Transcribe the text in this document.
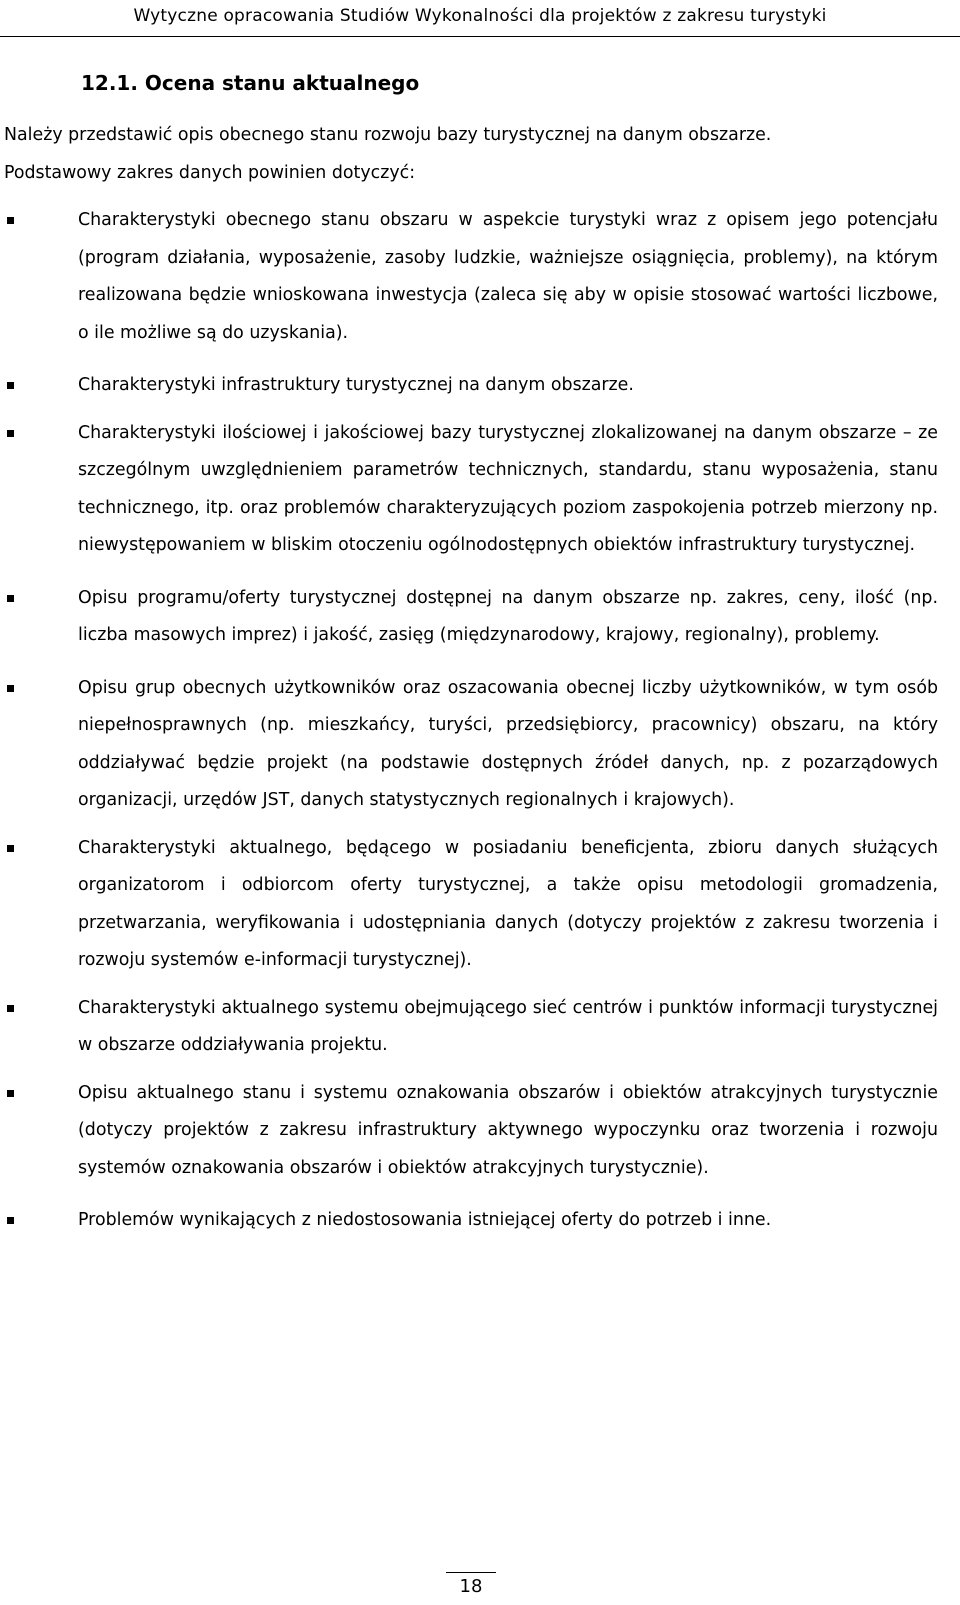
Wytyczne opracowania Studiów Wykonalności dla projektów z zakresu turystyki
12.1. Ocena stanu aktualnego

Należy przedstawić opis obecnego stanu rozwoju bazy turystycznej na danym obszarze.

Podstawowy zakres danych powinien dotyczyć:

Charakterystyki obecnego stanu obszaru w aspekcie turystyki wraz z opisem jego potencjału (program działania, wyposażenie, zasoby ludzkie, ważniejsze osiągnięcia, problemy), na którym realizowana będzie wnioskowana inwestycja (zaleca się aby w opisie stosować wartości liczbowe, o ile możliwe są do uzyskania).
Charakterystyki infrastruktury turystycznej na danym obszarze.
Charakterystyki ilościowej i jakościowej bazy turystycznej zlokalizowanej na danym obszarze – ze szczególnym uwzględnieniem parametrów technicznych, standardu, stanu wyposażenia, stanu technicznego, itp. oraz problemów charakteryzujących poziom zaspokojenia potrzeb mierzony np. niewystępowaniem w bliskim otoczeniu ogólnodostępnych obiektów infrastruktury turystycznej.
Opisu programu/oferty turystycznej dostępnej na danym obszarze np. zakres, ceny, ilość (np. liczba masowych imprez) i jakość, zasięg (międzynarodowy, krajowy, regionalny), problemy.
Opisu grup obecnych użytkowników oraz oszacowania obecnej liczby użytkowników, w tym osób niepełnosprawnych (np. mieszkańcy, turyści, przedsiębiorcy, pracownicy) obszaru, na który oddziaływać będzie projekt (na podstawie dostępnych źródeł danych, np. z pozarządowych organizacji, urzędów JST, danych statystycznych regionalnych i krajowych).
Charakterystyki aktualnego, będącego w posiadaniu beneficjenta, zbioru danych służących organizatorom i odbiorcom oferty turystycznej, a także opisu metodologii gromadzenia, przetwarzania, weryfikowania i udostępniania danych (dotyczy projektów z zakresu tworzenia i rozwoju systemów e-informacji turystycznej).
Charakterystyki aktualnego systemu obejmującego sieć centrów i punktów informacji turystycznej w obszarze oddziaływania projektu.
Opisu aktualnego stanu i systemu oznakowania obszarów i obiektów atrakcyjnych turystycznie (dotyczy projektów z zakresu infrastruktury aktywnego wypoczynku oraz tworzenia i rozwoju systemów oznakowania obszarów i obiektów atrakcyjnych turystycznie).
Problemów wynikających z niedostosowania istniejącej oferty do potrzeb i inne.
18
